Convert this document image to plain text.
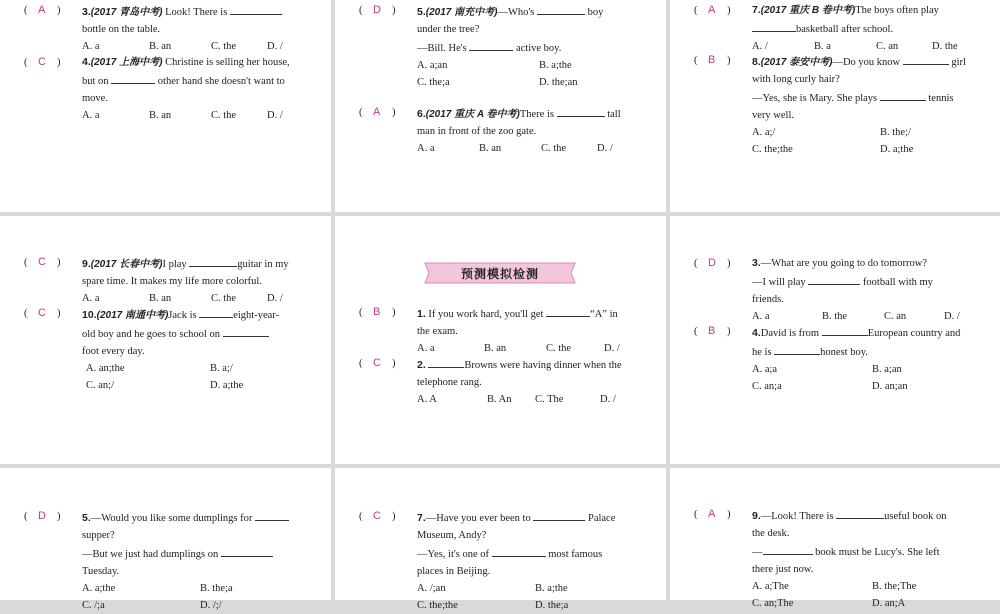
( A ) 3.(2017 青岛中考) Look! There is
bottle on the table.
A. a	B. an	C. the	D. /
( C ) 4.(2017 上海中考) Christine is selling her house,
but on	other hand she doesn't want to
move.
A. a	B. an	C. the	D. /
( D ) 5.(2017 南充中考)—Who's	boy
under the tree?
—Bill. He's	active boy.
A. a;an	B. a;the
C. the;a	D. the;an
( A ) 6.(2017 重庆 A 卷中考)There is	tall
man in front of the zoo gate.
A. a	B. an	C. the	D. /
( A ) 7.(2017 重庆 B 卷中考)The boys often play
basketball after school.
A. /	B. a	C. an	D. the
( B ) 8.(2017 泰安中考)—Do you know	girl
with long curly hair?
—Yes, she is Mary. She plays	tennis
very well.
A. a;/	B. the;/
C. the;the	D. a;the
( C ) 9.(2017 长春中考)I play	guitar in my
spare time. It makes my life more colorful.
A. a	B. an	C. the	D. /
( C ) 10.(2017 南通中考)Jack is	eight-year-
old boy and he goes to school on
foot every day.
A. an;the	B. a;/
C. an;/	D. a;the
预测模拟检测
( B ) 1. If you work hard, you'll get	“A” in
the exam.
A. a	B. an	C. the	D. /
( C ) 2.	Browns were having dinner when the
telephone rang.
A. A	B. An C. The	D. /
( D ) 3.—What are you going to do tomorrow?
—I will play	football with my
friends.
A. a	B. the	C. an	D. /
( B ) 4.David is from	European country and
he is	honest boy.
A. a;a	B. a;an
C. an;a	D. an;an
( D ) 5.—Would you like some dumplings for
supper?
—But we just had dumplings on
Tuesday.
A. a;the	B. the;a
C. /;a	D. /;/
( C ) 7.—Have you ever been to	Palace
Museum, Andy?
—Yes, it's one of	most famous
places in Beijing.
A. /;an	B. a;the
C. the;the	D. the;a
( A ) 9.—Look! There is	useful book on
the desk.
—	book must be Lucy's. She left
there just now.
A. a;The	B. the;The
C. an;The	D. an;A
